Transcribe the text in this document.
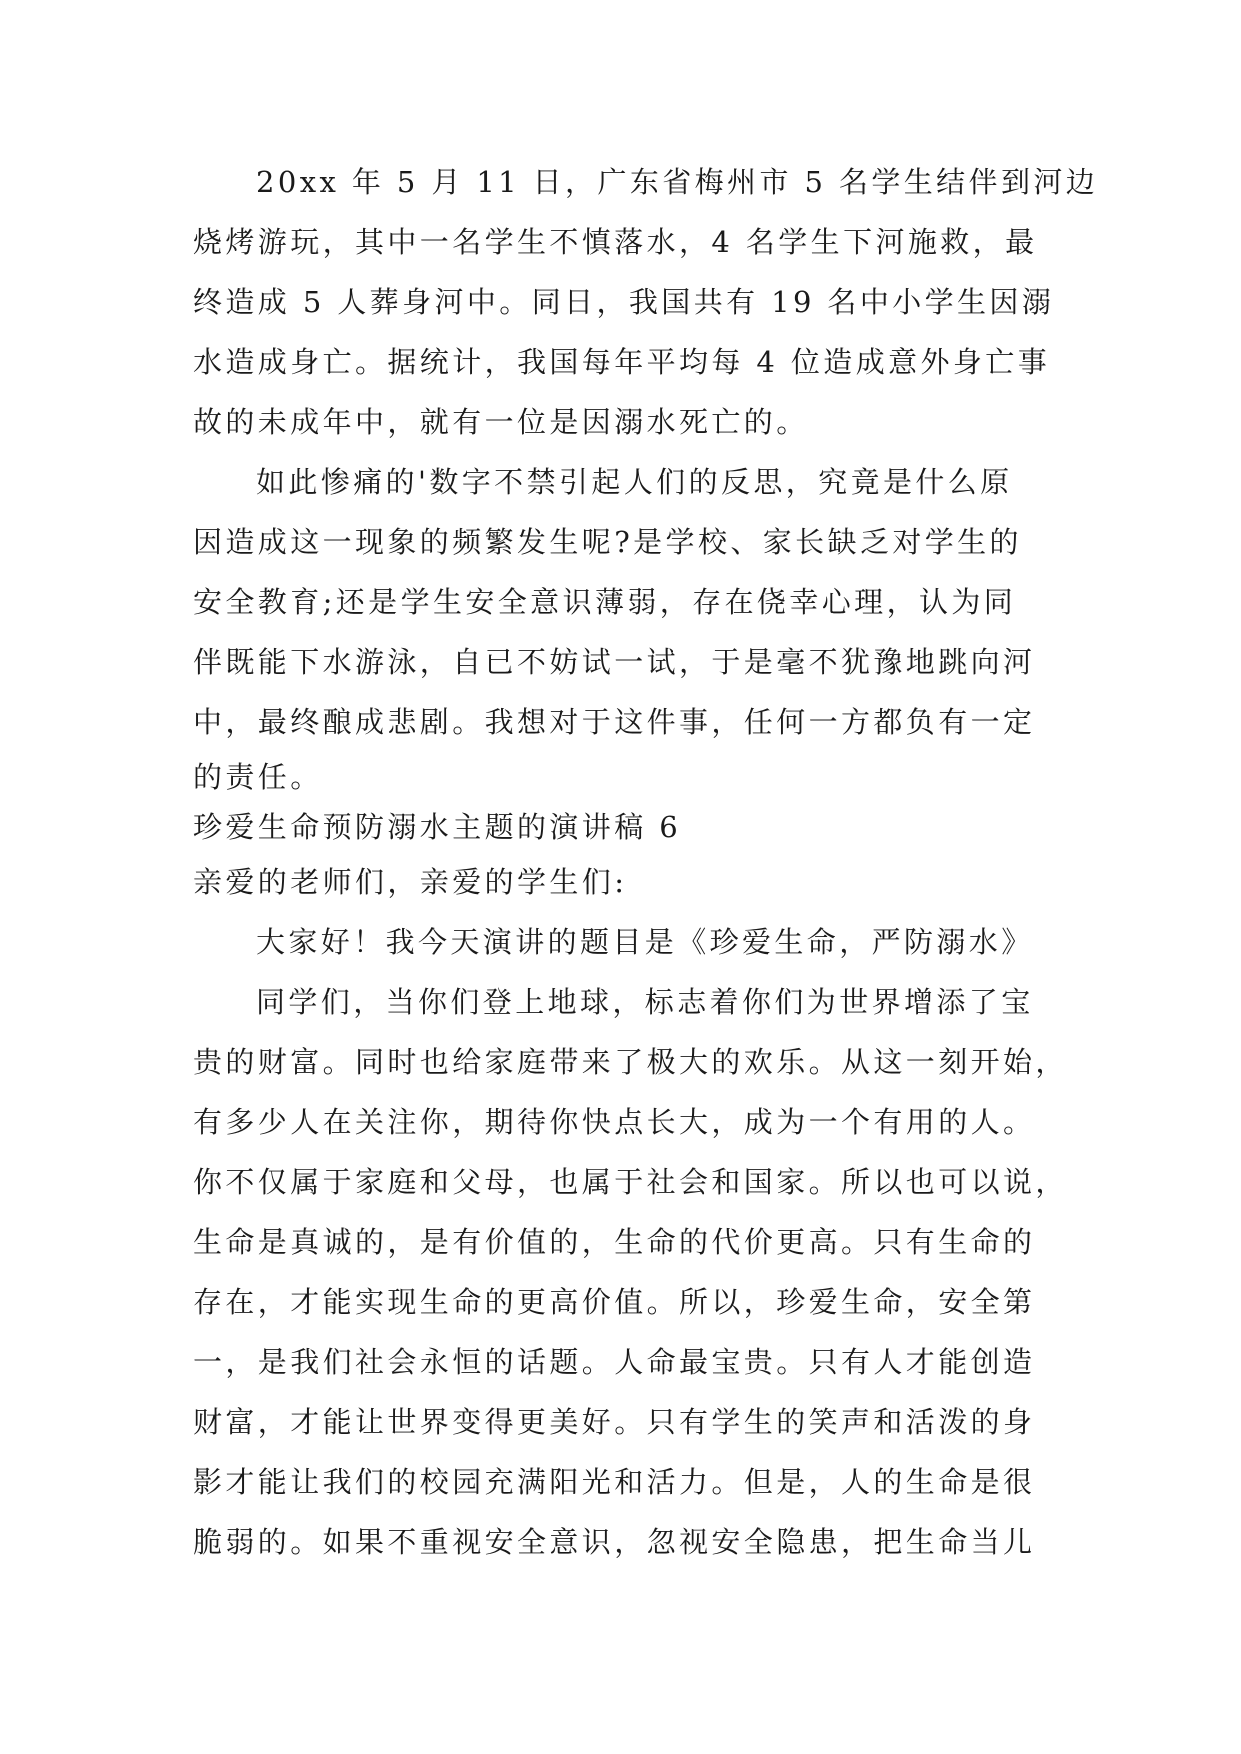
20xx 年 5 月 11 日，广东省梅州市 5 名学生结伴到河边
烧烤游玩，其中一名学生不慎落水，4 名学生下河施救，最
终造成 5 人葬身河中。同日，我国共有 19 名中小学生因溺
水造成身亡。据统计，我国每年平均每 4 位造成意外身亡事
故的未成年中，就有一位是因溺水死亡的。
如此惨痛的'数字不禁引起人们的反思，究竟是什么原
因造成这一现象的频繁发生呢?是学校、家长缺乏对学生的
安全教育;还是学生安全意识薄弱，存在侥幸心理，认为同
伴既能下水游泳，自已不妨试一试，于是毫不犹豫地跳向河
中，最终酿成悲剧。我想对于这件事，任何一方都负有一定
的责任。
珍爱生命预防溺水主题的演讲稿 6
亲爱的老师们，亲爱的学生们:
大家好！我今天演讲的题目是《珍爱生命，严防溺水》
同学们，当你们登上地球，标志着你们为世界增添了宝
贵的财富。同时也给家庭带来了极大的欢乐。从这一刻开始，
有多少人在关注你，期待你快点长大，成为一个有用的人。
你不仅属于家庭和父母，也属于社会和国家。所以也可以说，
生命是真诚的，是有价值的，生命的代价更高。只有生命的
存在，才能实现生命的更高价值。所以，珍爱生命，安全第
一，是我们社会永恒的话题。人命最宝贵。只有人才能创造
财富，才能让世界变得更美好。只有学生的笑声和活泼的身
影才能让我们的校园充满阳光和活力。但是，人的生命是很
脆弱的。如果不重视安全意识，忽视安全隐患，把生命当儿
